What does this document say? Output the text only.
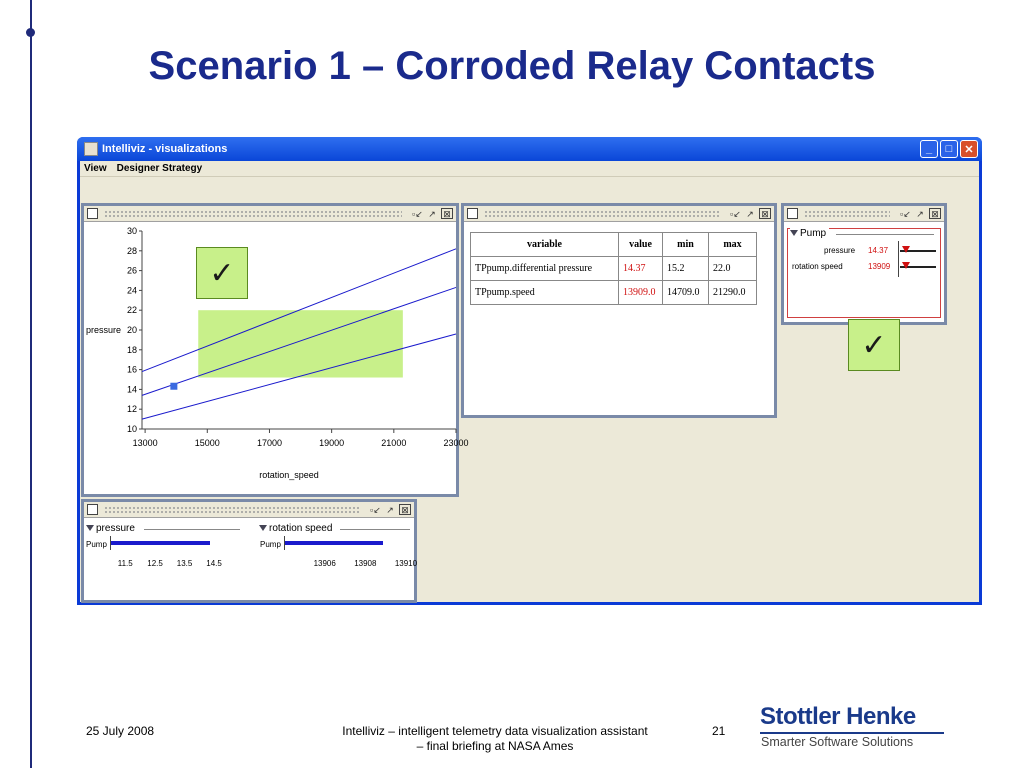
Scenario 1 – Corroded Relay Contacts
Intelliviz - visualizations	_	□	✕
View Designer Strategy
▫↙ ↗ ⊠
10
12
14
16
18
20
22
24
26
28
30
13000	15000	17000	19000	21000	23000
pressure
rotation_speed
✓
▫↙ ↗ ⊠
variable	value	min	max
TPpump.differential pressure	14.37	15.2	22.0
TPpump.speed	13909.0	14709.0	21290.0
▫↙ ↗ ⊠
Pump
pressure 14.37
rotation speed	13909
✓
▫↙ ↗ ⊠
pressure
Pump
11.5 12.5 13.5 14.5
rotation speed
Pump
13906 13908 13910
25 July 2008	Intelliviz – intelligent telemetry data visualization assistant – final briefing at NASA Ames
21
Stottler Henke
Smarter Software Solutions
